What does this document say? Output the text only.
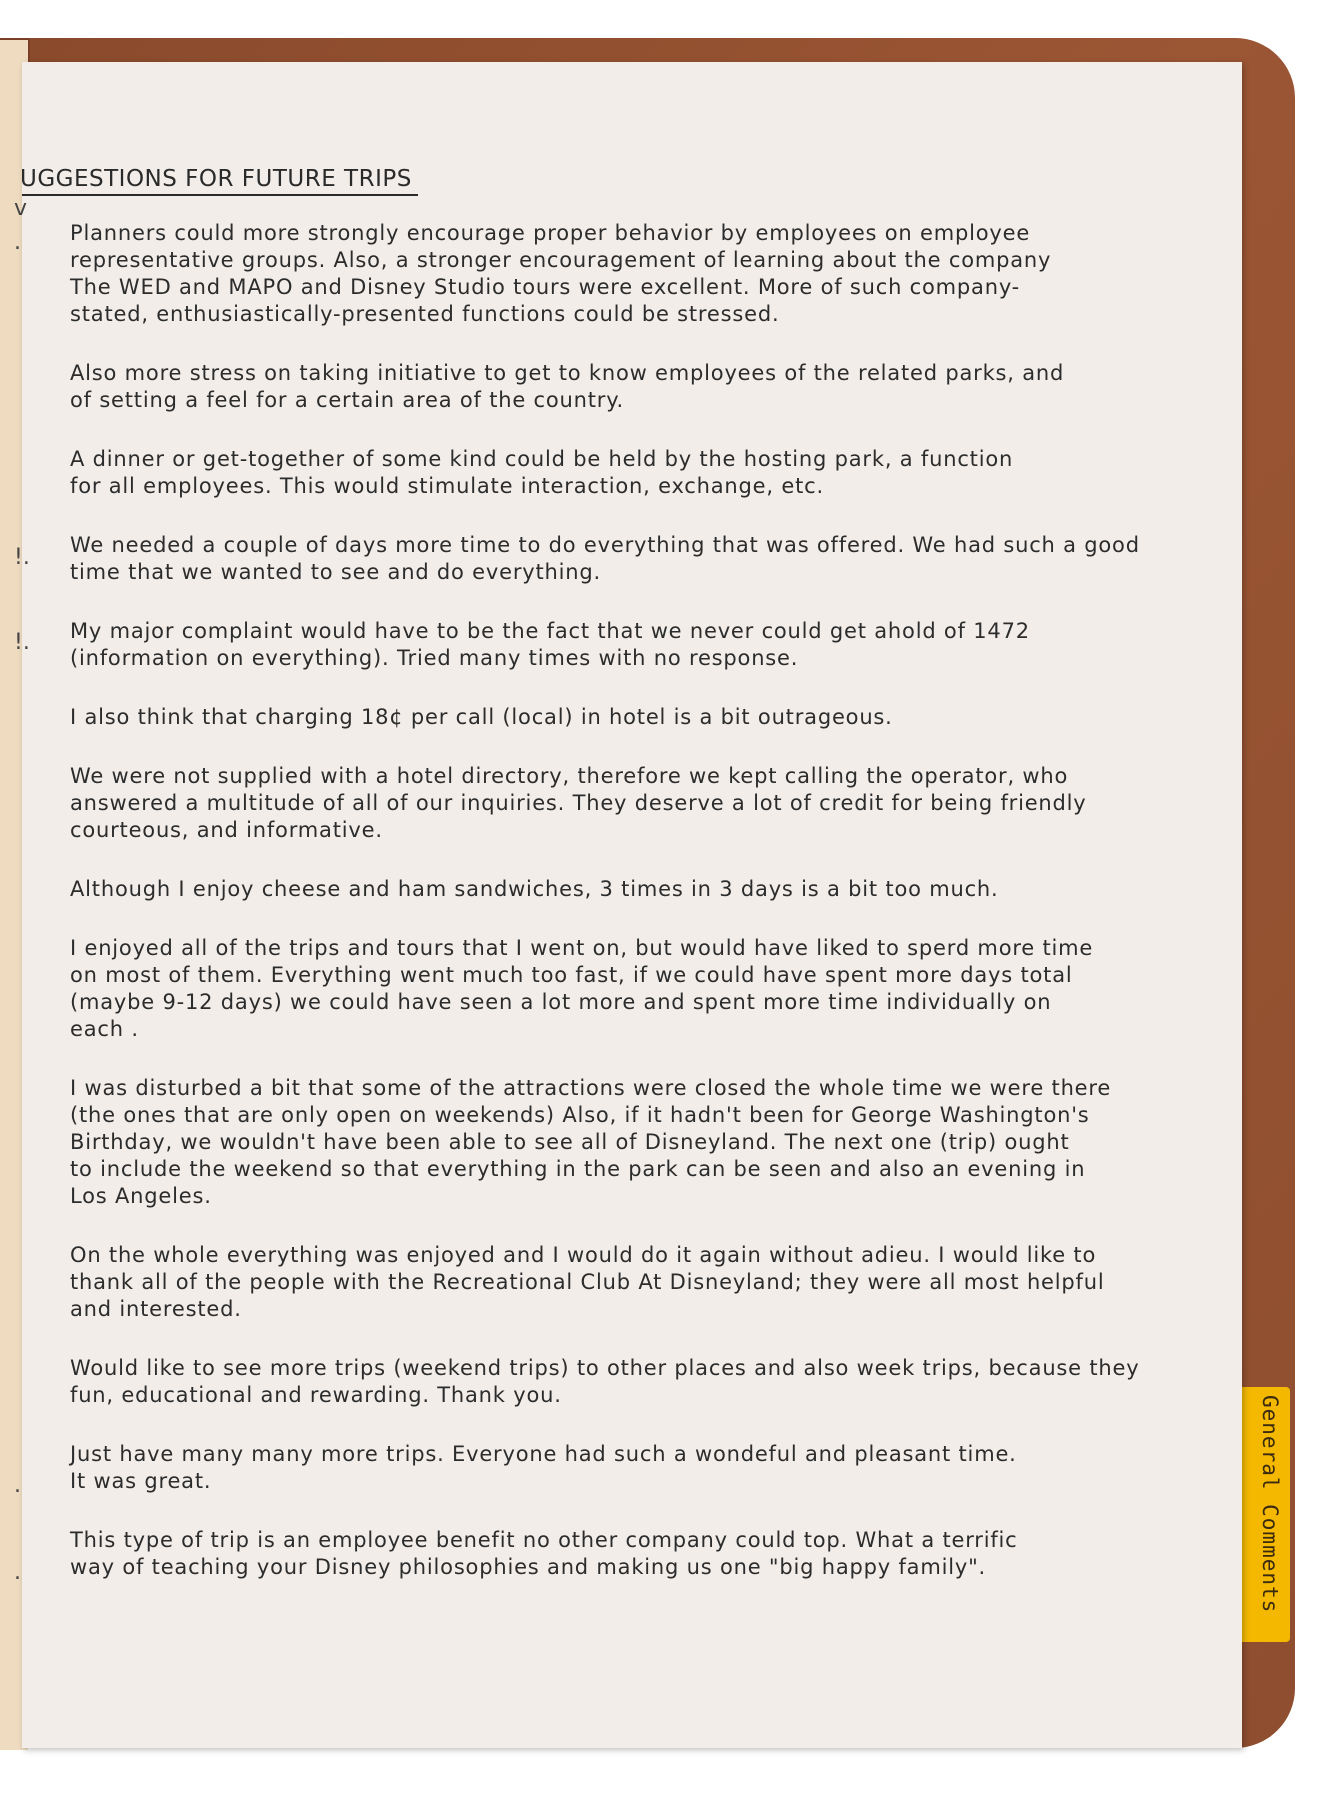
General Comments
v
.
!.
!.
.
.
UGGESTIONS FOR FUTURE TRIPS

Planners could more strongly encourage proper behavior by employees on employee
representative groups. Also, a stronger encouragement of learning about the company
The WED and MAPO and Disney Studio tours were excellent. More of such company-
stated, enthusiastically-presented functions could be stressed.

Also more stress on taking initiative to get to know employees of the related parks, and
of setting a feel for a certain area of the country.

A dinner or get-together of some kind could be held by the hosting park, a function
for all employees. This would stimulate interaction, exchange, etc.

We needed a couple of days more time to do everything that was offered. We had such a good
time that we wanted to see and do everything.

My major complaint would have to be the fact that we never could get ahold of 1472
(information on everything). Tried many times with no response.

I also think that charging 18¢ per call (local) in hotel is a bit outrageous.

We were not supplied with a hotel directory, therefore we kept calling the operator, who
answered a multitude of all of our inquiries. They deserve a lot of credit for being friendly
courteous, and informative.

Although I enjoy cheese and ham sandwiches, 3 times in 3 days is a bit too much.

I enjoyed all of the trips and tours that I went on, but would have liked to sperd more time
on most of them. Everything went much too fast, if we could have spent more days total
(maybe 9-12 days) we could have seen a lot more and spent more time individually on
each .

I was disturbed a bit that some of the attractions were closed the whole time we were there
(the ones that are only open on weekends) Also, if it hadn't been for George Washington's
Birthday, we wouldn't have been able to see all of Disneyland. The next one (trip) ought
to include the weekend so that everything in the park can be seen and also an evening in
Los Angeles.

On the whole everything was enjoyed and I would do it again without adieu. I would like to
thank all of the people with the Recreational Club At Disneyland; they were all most helpful
and interested.

Would like to see more trips (weekend trips) to other places and also week trips, because they
fun, educational and rewarding. Thank you.

Just have many many more trips. Everyone had such a wondeful and pleasant time.
It was great.

This type of trip is an employee benefit no other company could top. What a terrific
way of teaching your Disney philosophies and making us one "big happy family".
